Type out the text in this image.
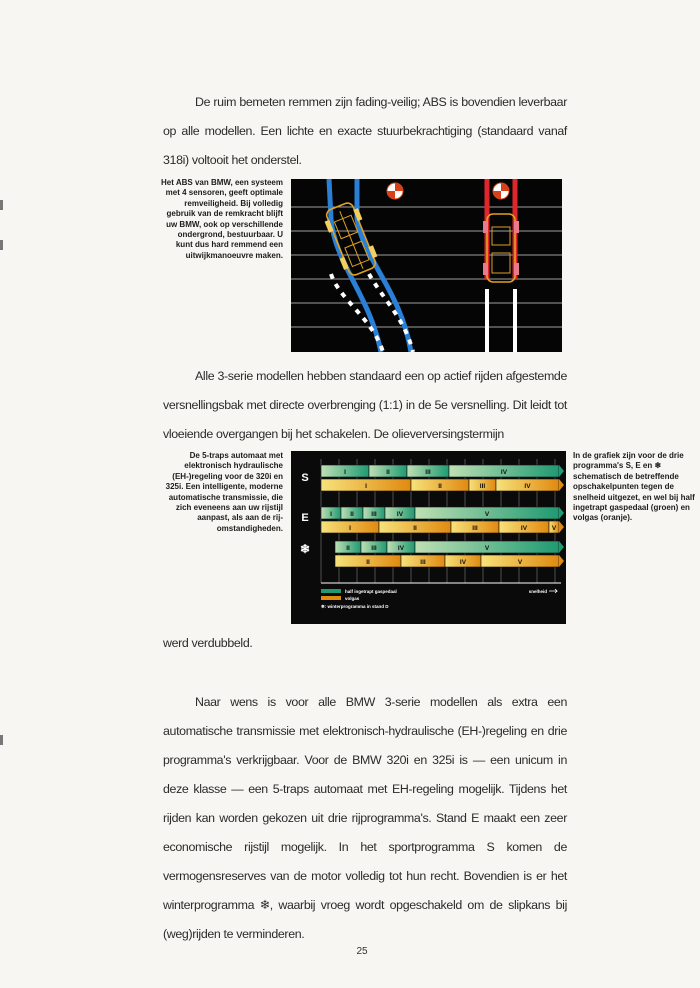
De ruim bemeten remmen zijn fading-veilig; ABS is bovendien leverbaar op alle modellen. Een lichte en exacte stuurbekrachtiging (standaard vanaf 318i) voltooit het onderstel.

Het ABS van BMW, een systeem met 4 sensoren, geeft optimale remveiligheid. Bij volledig gebruik van de remkracht blijft uw BMW, ook op verschillende ondergrond, bestuurbaar. U kunt dus hard remmend een uitwijkmanoeuvre maken.

Alle 3-serie modellen hebben standaard een op actief rijden afgestemde versnellingsbak met directe overbrenging (1:1) in de 5e versnelling. Dit leidt tot vloeiende overgangen bij het schakelen. De olieverversingstermijn

De 5-traps automaat met elektronisch hydraulische (EH-)regeling voor de 320i en 325i. Een intelligente, moderne automatische transmissie, die zich eveneens aan uw rijstijl aanpast, als aan de rij-omstandigheden.
In de grafiek zijn voor de drie programma's S, E en ❄ schematisch de betreffende opschakelpunten tegen de snelheid uitgezet, en wel bij half ingetrapt gaspedaal (groen) en volgas (oranje).
I	II	III	IV
I	II	III	IV
S
I	II	III	IV	V
I	II	III	IV	V
E
II	III	IV	V
II	III	IV	V
❄
half ingetrapt gaspedaal
volgas
❄: winterprogramma in stand D
snelheid

werd verdubbeld.

Naar wens is voor alle BMW 3-serie modellen als extra een automatische transmissie met elektronisch-hydraulische (EH-)regeling en drie programma's verkrijgbaar. Voor de BMW 320i en 325i is — een unicum in deze klasse — een 5-traps automaat met EH-regeling mogelijk. Tijdens het rijden kan worden gekozen uit drie rijprogramma's. Stand E maakt een zeer economische rijstijl mogelijk. In het sportprogramma S komen de vermogensreserves van de motor volledig tot hun recht. Bovendien is er het winterprogramma ❄, waarbij vroeg wordt opgeschakeld om de slipkans bij (weg)rijden te verminderen.

25
